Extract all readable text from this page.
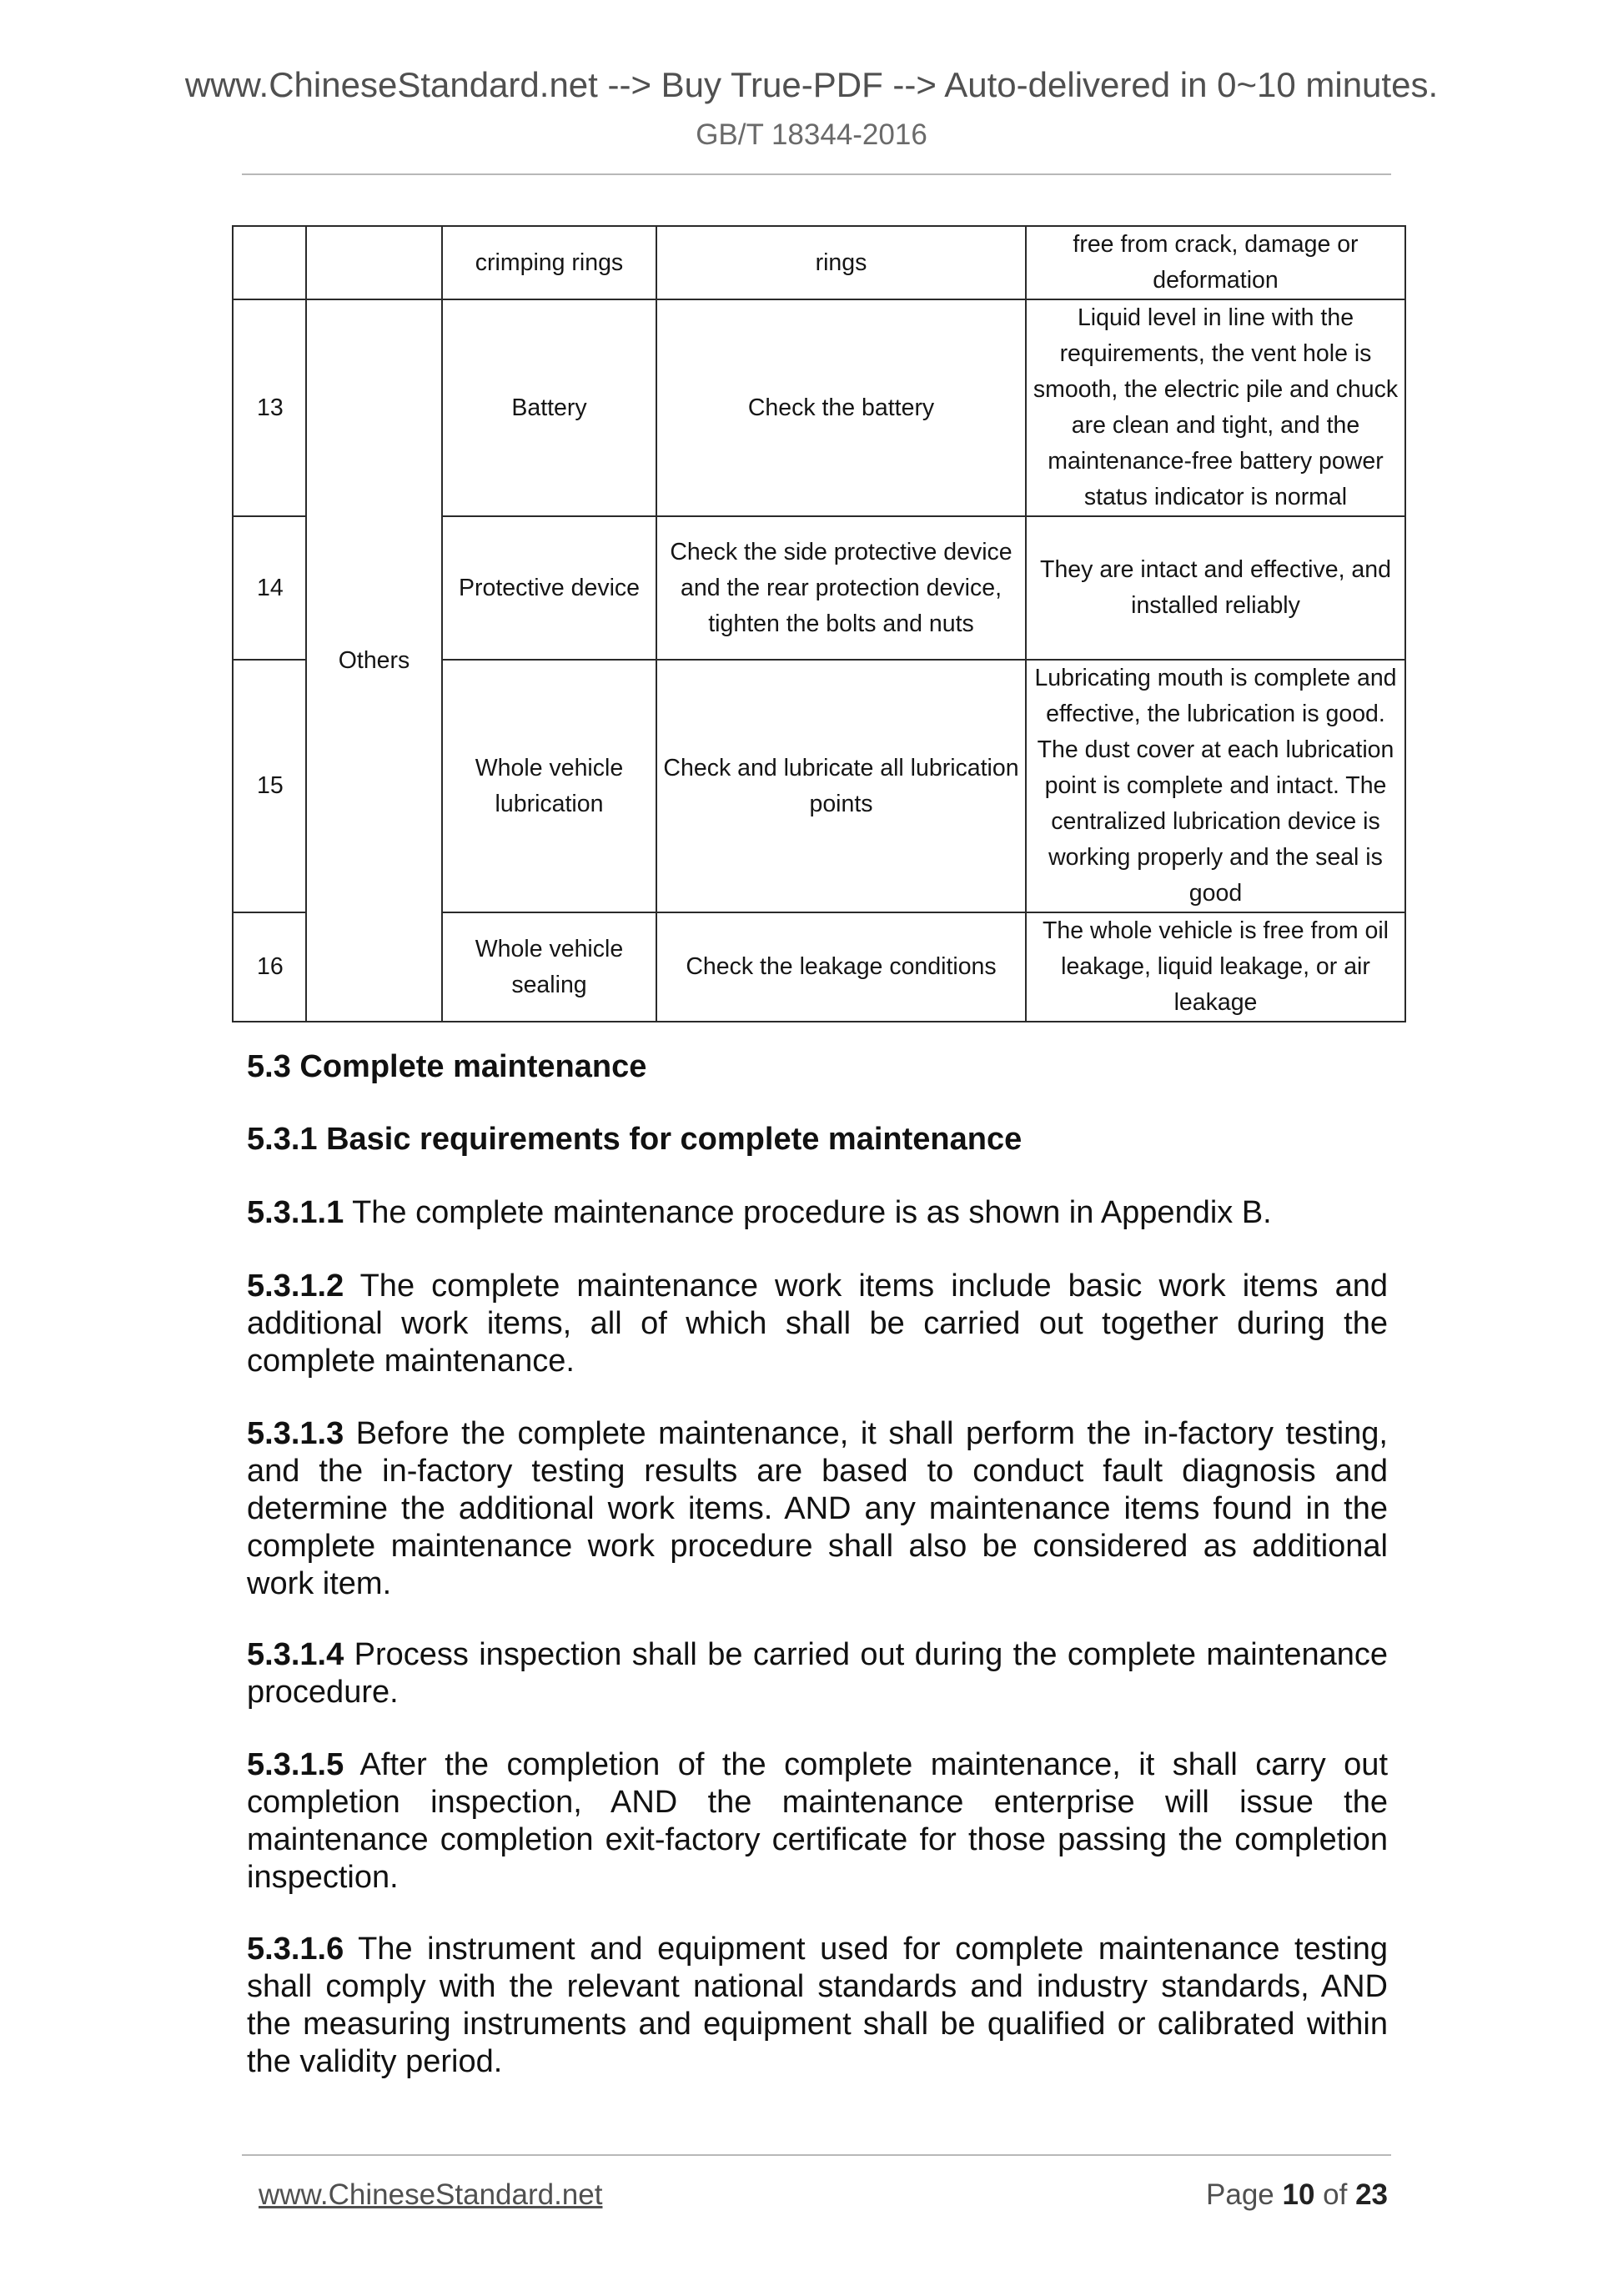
www.ChineseStandard.net --> Buy True-PDF --> Auto-delivered in 0~10 minutes.
GB/T 18344-2016
		crimping rings	rings	free from crack, damage or deformation
13	Others	Battery	Check the battery	Liquid level in line with the requirements, the vent hole is smooth, the electric pile and chuck are clean and tight, and the maintenance-free battery power status indicator is normal
14		Protective device	Check the side protective device and the rear protection device, tighten the bolts and nuts	They are intact and effective, and installed reliably
15		Whole vehicle lubrication	Check and lubricate all lubrication points	Lubricating mouth is complete and effective, the lubrication is good. The dust cover at each lubrication point is complete and intact. The centralized lubrication device is working properly and the seal is good
16		Whole vehicle sealing	Check the leakage conditions	The whole vehicle is free from oil leakage, liquid leakage, or air leakage
5.3 Complete maintenance
5.3.1 Basic requirements for complete maintenance
5.3.1.1 The complete maintenance procedure is as shown in Appendix B.
5.3.1.2 The complete maintenance work items include basic work items and additional work items, all of which shall be carried out together during the complete maintenance.
5.3.1.3 Before the complete maintenance, it shall perform the in-factory testing, and the in-factory testing results are based to conduct fault diagnosis and determine the additional work items. AND any maintenance items found in the complete maintenance work procedure shall also be considered as additional work item.
5.3.1.4 Process inspection shall be carried out during the complete maintenance procedure.
5.3.1.5 After the completion of the complete maintenance, it shall carry out completion inspection, AND the maintenance enterprise will issue the maintenance completion exit-factory certificate for those passing the completion inspection.
5.3.1.6 The instrument and equipment used for complete maintenance testing shall comply with the relevant national standards and industry standards, AND the measuring instruments and equipment shall be qualified or calibrated within the validity period.
www.ChineseStandard.net	Page 10 of 23
